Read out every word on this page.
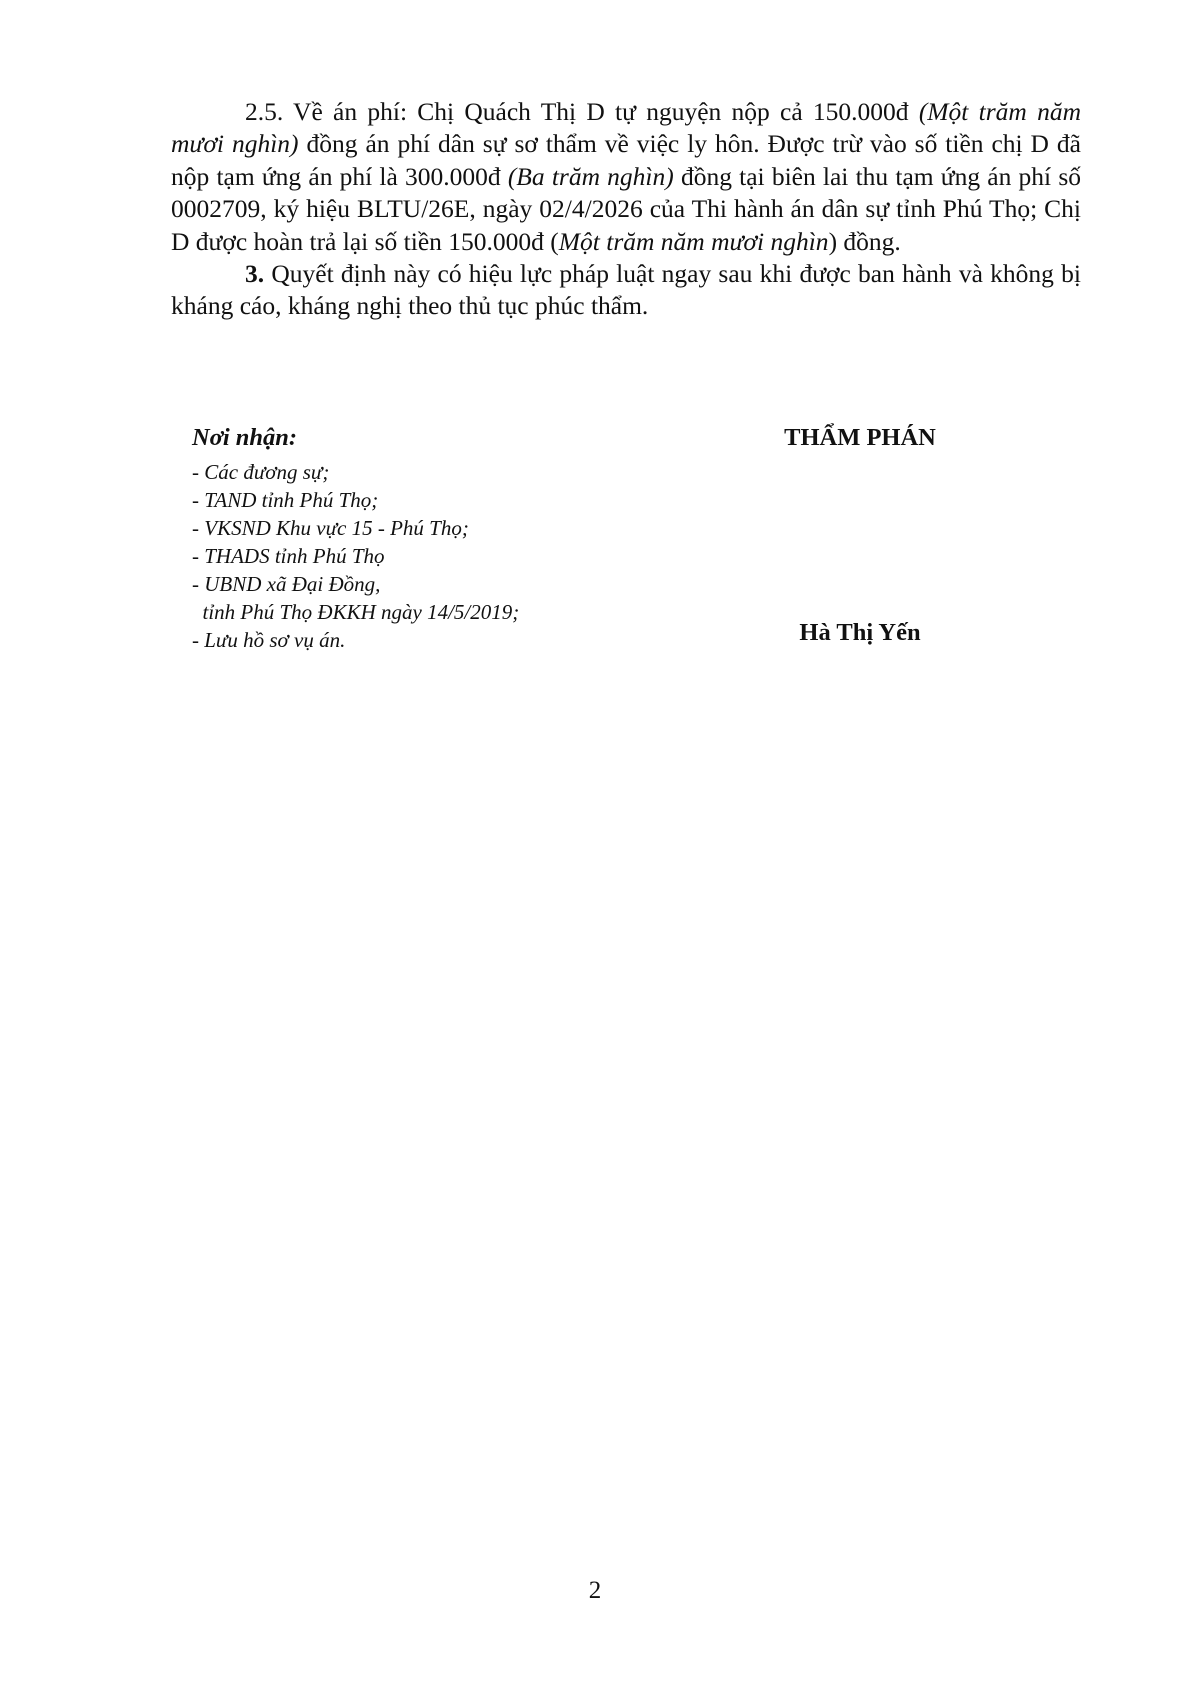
2.5. Về án phí: Chị Quách Thị D tự nguyện nộp cả 150.000đ (Một trăm năm mươi nghìn) đồng án phí dân sự sơ thẩm về việc ly hôn. Được trừ vào số tiền chị D đã nộp tạm ứng án phí là 300.000đ (Ba trăm nghìn) đồng tại biên lai thu tạm ứng án phí số 0002709, ký hiệu BLTU/26E, ngày 02/4/2026 của Thi hành án dân sự tỉnh Phú Thọ; Chị D được hoàn trả lại số tiền 150.000đ (Một trăm năm mươi nghìn) đồng.

3. Quyết định này có hiệu lực pháp luật ngay sau khi được ban hành và không bị kháng cáo, kháng nghị theo thủ tục phúc thẩm.

Nơi nhận:
- Các đương sự;
- TAND tỉnh Phú Thọ;
- VKSND Khu vực 15 - Phú Thọ;
- THADS tỉnh Phú Thọ
- UBND xã Đại Đồng,
tỉnh Phú Thọ ĐKKH ngày 14/5/2019;
- Lưu hồ sơ vụ án.
THẨM PHÁN
Hà Thị Yến
2
